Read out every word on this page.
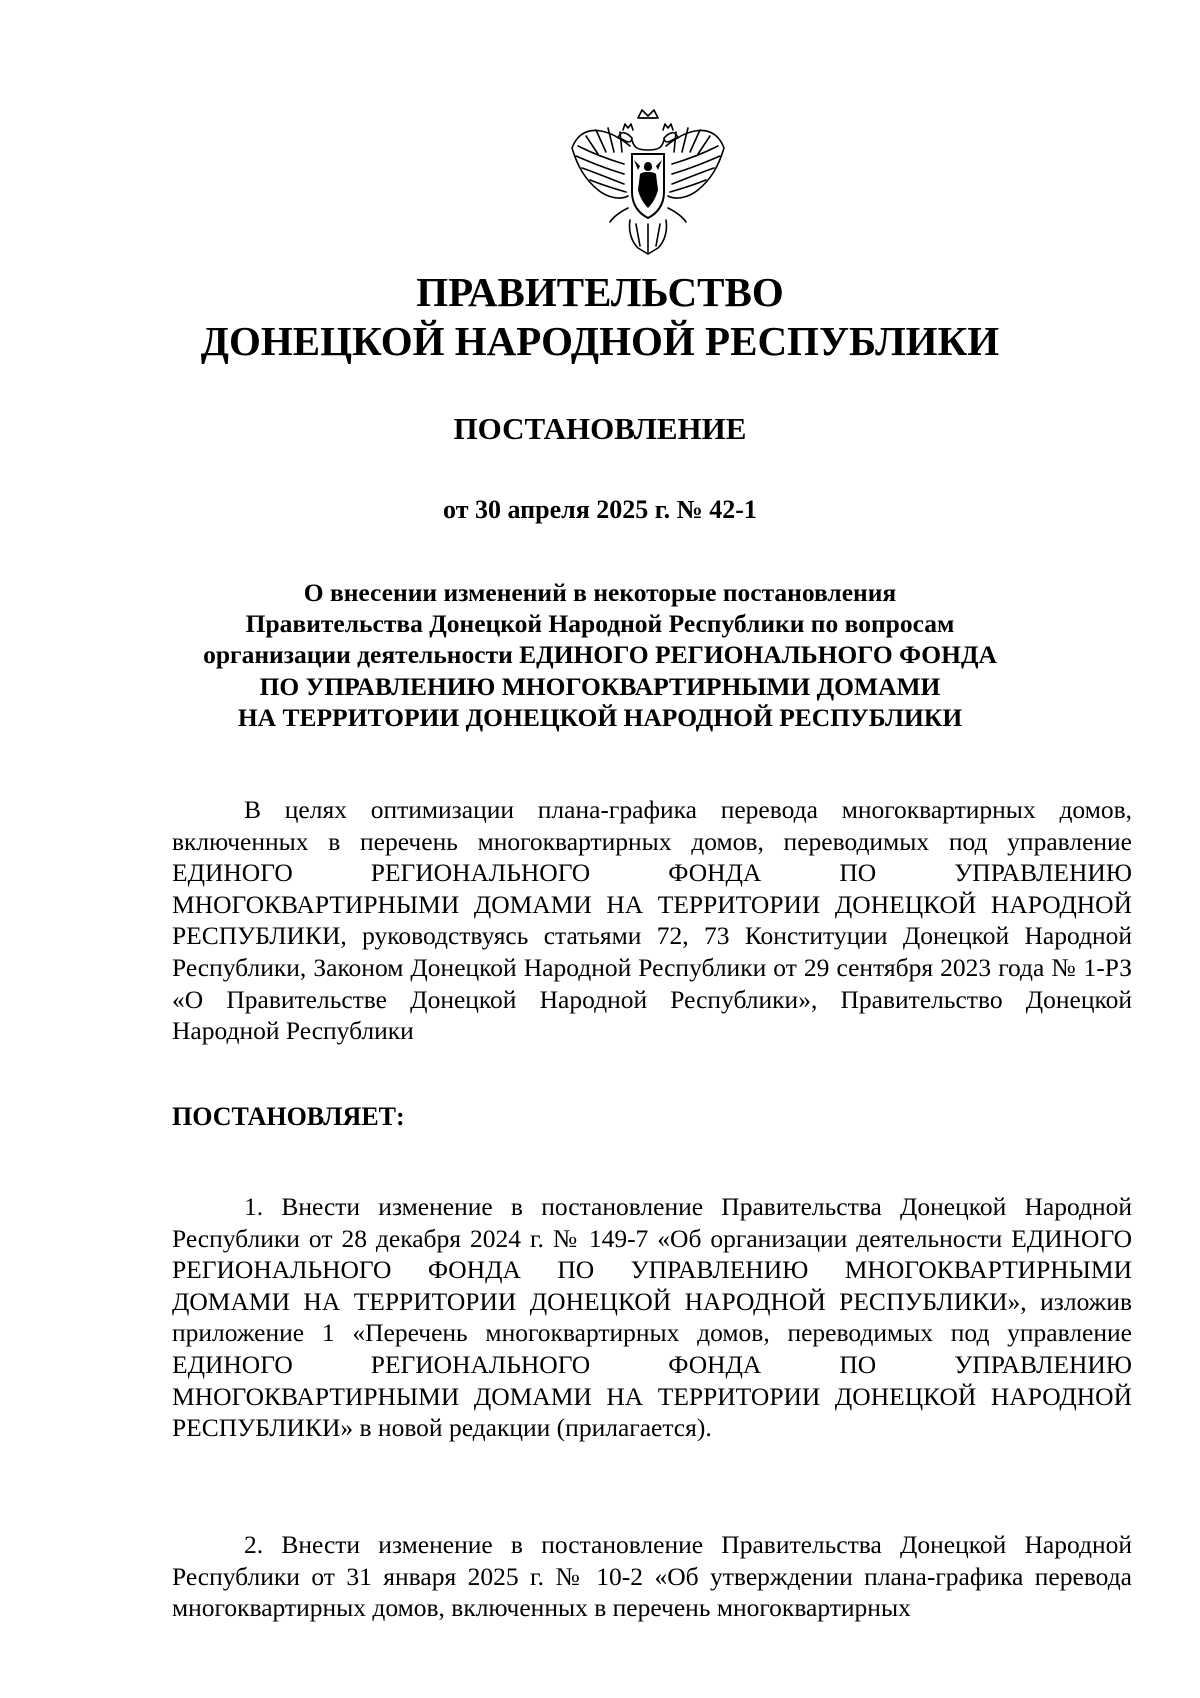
ПРАВИТЕЛЬСТВО
ДОНЕЦКОЙ НАРОДНОЙ РЕСПУБЛИКИ
ПОСТАНОВЛЕНИЕ
от 30 апреля 2025 г. № 42-1
О внесении изменений в некоторые постановления
Правительства Донецкой Народной Республики по вопросам
организации деятельности ЕДИНОГО РЕГИОНАЛЬНОГО ФОНДА
ПО УПРАВЛЕНИЮ МНОГОКВАРТИРНЫМИ ДОМАМИ
НА ТЕРРИТОРИИ ДОНЕЦКОЙ НАРОДНОЙ РЕСПУБЛИКИ

В целях оптимизации плана-графика перевода многоквартирных домов, включенных в перечень многоквартирных домов, переводимых под управление ЕДИНОГО РЕГИОНАЛЬНОГО ФОНДА ПО УПРАВЛЕНИЮ МНОГОКВАРТИРНЫМИ ДОМАМИ НА ТЕРРИТОРИИ ДОНЕЦКОЙ НАРОДНОЙ РЕСПУБЛИКИ, руководствуясь статьями 72, 73 Конституции Донецкой Народной Республики, Законом Донецкой Народной Республики от 29 сентября 2023 года № 1-РЗ «О Правительстве Донецкой Народной Республики», Правительство Донецкой Народной Республики

ПОСТАНОВЛЯЕТ:

1. Внести изменение в постановление Правительства Донецкой Народной Республики от 28 декабря 2024 г. № 149-7 «Об организации деятельности ЕДИНОГО РЕГИОНАЛЬНОГО ФОНДА ПО УПРАВЛЕНИЮ МНОГОКВАРТИРНЫМИ ДОМАМИ НА ТЕРРИТОРИИ ДОНЕЦКОЙ НАРОДНОЙ РЕСПУБЛИКИ», изложив приложение 1 «Перечень многоквартирных домов, переводимых под управление ЕДИНОГО РЕГИОНАЛЬНОГО ФОНДА ПО УПРАВЛЕНИЮ МНОГОКВАРТИРНЫМИ ДОМАМИ НА ТЕРРИТОРИИ ДОНЕЦКОЙ НАРОДНОЙ РЕСПУБЛИКИ» в новой редакции (прилагается).

2. Внести изменение в постановление Правительства Донецкой Народной Республики от 31 января 2025 г. № 10-2 «Об утверждении плана-графика перевода многоквартирных домов, включенных в перечень многоквартирных
